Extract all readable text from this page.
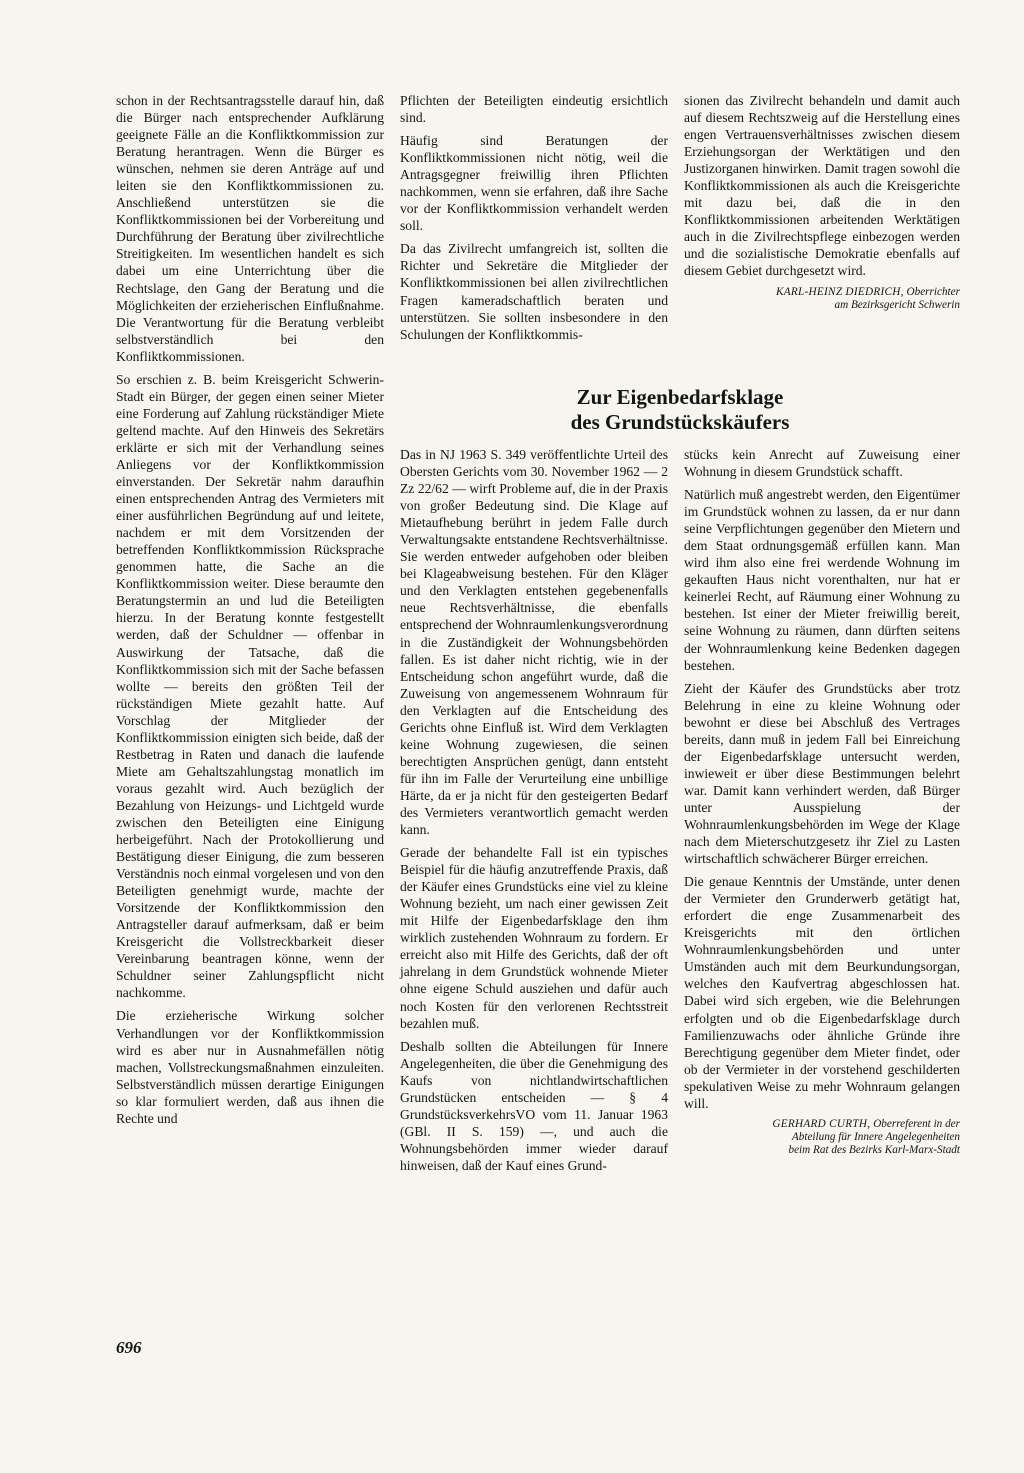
schon in der Rechtsantragsstelle darauf hin, daß die Bürger nach entsprechender Aufklärung geeignete Fälle an die Konfliktkommission zur Beratung herantragen. Wenn die Bürger es wünschen, nehmen sie deren Anträge auf und leiten sie den Konfliktkommissionen zu. Anschließend unterstützen sie die Konfliktkommissionen bei der Vorbereitung und Durchführung der Beratung über zivilrechtliche Streitigkeiten. Im wesentlichen handelt es sich dabei um eine Unterrichtung über die Rechtslage, den Gang der Beratung und die Möglichkeiten der erzieherischen Einflußnahme. Die Verantwortung für die Beratung verbleibt selbstverständlich bei den Konfliktkommissionen.

So erschien z. B. beim Kreisgericht Schwerin-Stadt ein Bürger, der gegen einen seiner Mieter eine Forderung auf Zahlung rückständiger Miete geltend machte. Auf den Hinweis des Sekretärs erklärte er sich mit der Verhandlung seines Anliegens vor der Konfliktkommission einverstanden. Der Sekretär nahm daraufhin einen entsprechenden Antrag des Vermieters mit einer ausführlichen Begründung auf und leitete, nachdem er mit dem Vorsitzenden der betreffenden Konfliktkommission Rücksprache genommen hatte, die Sache an die Konfliktkommission weiter. Diese beraumte den Beratungstermin an und lud die Beteiligten hierzu. In der Beratung konnte festgestellt werden, daß der Schuldner — offenbar in Auswirkung der Tatsache, daß die Konfliktkommission sich mit der Sache befassen wollte — bereits den größten Teil der rückständigen Miete gezahlt hatte. Auf Vorschlag der Mitglieder der Konfliktkommission einigten sich beide, daß der Restbetrag in Raten und danach die laufende Miete am Gehaltszahlungstag monatlich im voraus gezahlt wird. Auch bezüglich der Bezahlung von Heizungs- und Lichtgeld wurde zwischen den Beteiligten eine Einigung herbeigeführt. Nach der Protokollierung und Bestätigung dieser Einigung, die zum besseren Verständnis noch einmal vorgelesen und von den Beteiligten genehmigt wurde, machte der Vorsitzende der Konfliktkommission den Antragsteller darauf aufmerksam, daß er beim Kreisgericht die Vollstreckbarkeit dieser Vereinbarung beantragen könne, wenn der Schuldner seiner Zahlungspflicht nicht nachkomme.

Die erzieherische Wirkung solcher Verhandlungen vor der Konfliktkommission wird es aber nur in Ausnahmefällen nötig machen, Vollstreckungsmaßnahmen einzuleiten. Selbstverständlich müssen derartige Einigungen so klar formuliert werden, daß aus ihnen die Rechte und

Pflichten der Beteiligten eindeutig ersichtlich sind.

Häufig sind Beratungen der Konfliktkommissionen nicht nötig, weil die Antragsgegner freiwillig ihren Pflichten nachkommen, wenn sie erfahren, daß ihre Sache vor der Konfliktkommission verhandelt werden soll.

Da das Zivilrecht umfangreich ist, sollten die Richter und Sekretäre die Mitglieder der Konfliktkommissionen bei allen zivilrechtlichen Fragen kameradschaftlich beraten und unterstützen. Sie sollten insbesondere in den Schulungen der Konfliktkommis-

sionen das Zivilrecht behandeln und damit auch auf diesem Rechtszweig auf die Herstellung eines engen Vertrauensverhältnisses zwischen diesem Erziehungsorgan der Werktätigen und den Justizorganen hinwirken. Damit tragen sowohl die Konfliktkommissionen als auch die Kreisgerichte mit dazu bei, daß die in den Konfliktkommissionen arbeitenden Werktätigen auch in die Zivilrechtspflege einbezogen werden und die sozialistische Demokratie ebenfalls auf diesem Gebiet durchgesetzt wird.

KARL-HEINZ DIEDRICH, Oberrichter
am Bezirksgericht Schwerin
Zur Eigenbedarfsklage
des Grundstückskäufers

Das in NJ 1963 S. 349 veröffentlichte Urteil des Obersten Gerichts vom 30. November 1962 — 2 Zz 22/62 — wirft Probleme auf, die in der Praxis von großer Bedeutung sind. Die Klage auf Mietaufhebung berührt in jedem Falle durch Verwaltungsakte entstandene Rechtsverhältnisse. Sie werden entweder aufgehoben oder bleiben bei Klageabweisung bestehen. Für den Kläger und den Verklagten entstehen gegebenenfalls neue Rechtsverhältnisse, die ebenfalls entsprechend der Wohnraumlenkungsverordnung in die Zuständigkeit der Wohnungsbehörden fallen. Es ist daher nicht richtig, wie in der Entscheidung schon angeführt wurde, daß die Zuweisung von angemessenem Wohnraum für den Verklagten auf die Entscheidung des Gerichts ohne Einfluß ist. Wird dem Verklagten keine Wohnung zugewiesen, die seinen berechtigten Ansprüchen genügt, dann entsteht für ihn im Falle der Verurteilung eine unbillige Härte, da er ja nicht für den gesteigerten Bedarf des Vermieters verantwortlich gemacht werden kann.

Gerade der behandelte Fall ist ein typisches Beispiel für die häufig anzutreffende Praxis, daß der Käufer eines Grundstücks eine viel zu kleine Wohnung bezieht, um nach einer gewissen Zeit mit Hilfe der Eigenbedarfsklage den ihm wirklich zustehenden Wohnraum zu fordern. Er erreicht also mit Hilfe des Gerichts, daß der oft jahrelang in dem Grundstück wohnende Mieter ohne eigene Schuld ausziehen und dafür auch noch Kosten für den verlorenen Rechtsstreit bezahlen muß.

Deshalb sollten die Abteilungen für Innere Angelegenheiten, die über die Genehmigung des Kaufs von nichtlandwirtschaftlichen Grundstücken entscheiden — § 4 GrundstücksverkehrsVO vom 11. Januar 1963 (GBl. II S. 159) —, und auch die Wohnungsbehörden immer wieder darauf hinweisen, daß der Kauf eines Grund-

stücks kein Anrecht auf Zuweisung einer Wohnung in diesem Grundstück schafft.

Natürlich muß angestrebt werden, den Eigentümer im Grundstück wohnen zu lassen, da er nur dann seine Verpflichtungen gegenüber den Mietern und dem Staat ordnungsgemäß erfüllen kann. Man wird ihm also eine frei werdende Wohnung im gekauften Haus nicht vorenthalten, nur hat er keinerlei Recht, auf Räumung einer Wohnung zu bestehen. Ist einer der Mieter freiwillig bereit, seine Wohnung zu räumen, dann dürften seitens der Wohnraumlenkung keine Bedenken dagegen bestehen.

Zieht der Käufer des Grundstücks aber trotz Belehrung in eine zu kleine Wohnung oder bewohnt er diese bei Abschluß des Vertrages bereits, dann muß in jedem Fall bei Einreichung der Eigenbedarfsklage untersucht werden, inwieweit er über diese Bestimmungen belehrt war. Damit kann verhindert werden, daß Bürger unter Ausspielung der Wohnraumlenkungsbehörden im Wege der Klage nach dem Mieterschutzgesetz ihr Ziel zu Lasten wirtschaftlich schwächerer Bürger erreichen.

Die genaue Kenntnis der Umstände, unter denen der Vermieter den Grunderwerb getätigt hat, erfordert die enge Zusammenarbeit des Kreisgerichts mit den örtlichen Wohnraumlenkungsbehörden und unter Umständen auch mit dem Beurkundungsorgan, welches den Kaufvertrag abgeschlossen hat. Dabei wird sich ergeben, wie die Belehrungen erfolgten und ob die Eigenbedarfsklage durch Familienzuwachs oder ähnliche Gründe ihre Berechtigung gegenüber dem Mieter findet, oder ob der Vermieter in der vorstehend geschilderten spekulativen Weise zu mehr Wohnraum gelangen will.

GERHARD CURTH, Oberreferent in der
Abteilung für Innere Angelegenheiten
beim Rat des Bezirks Karl-Marx-Stadt
696
